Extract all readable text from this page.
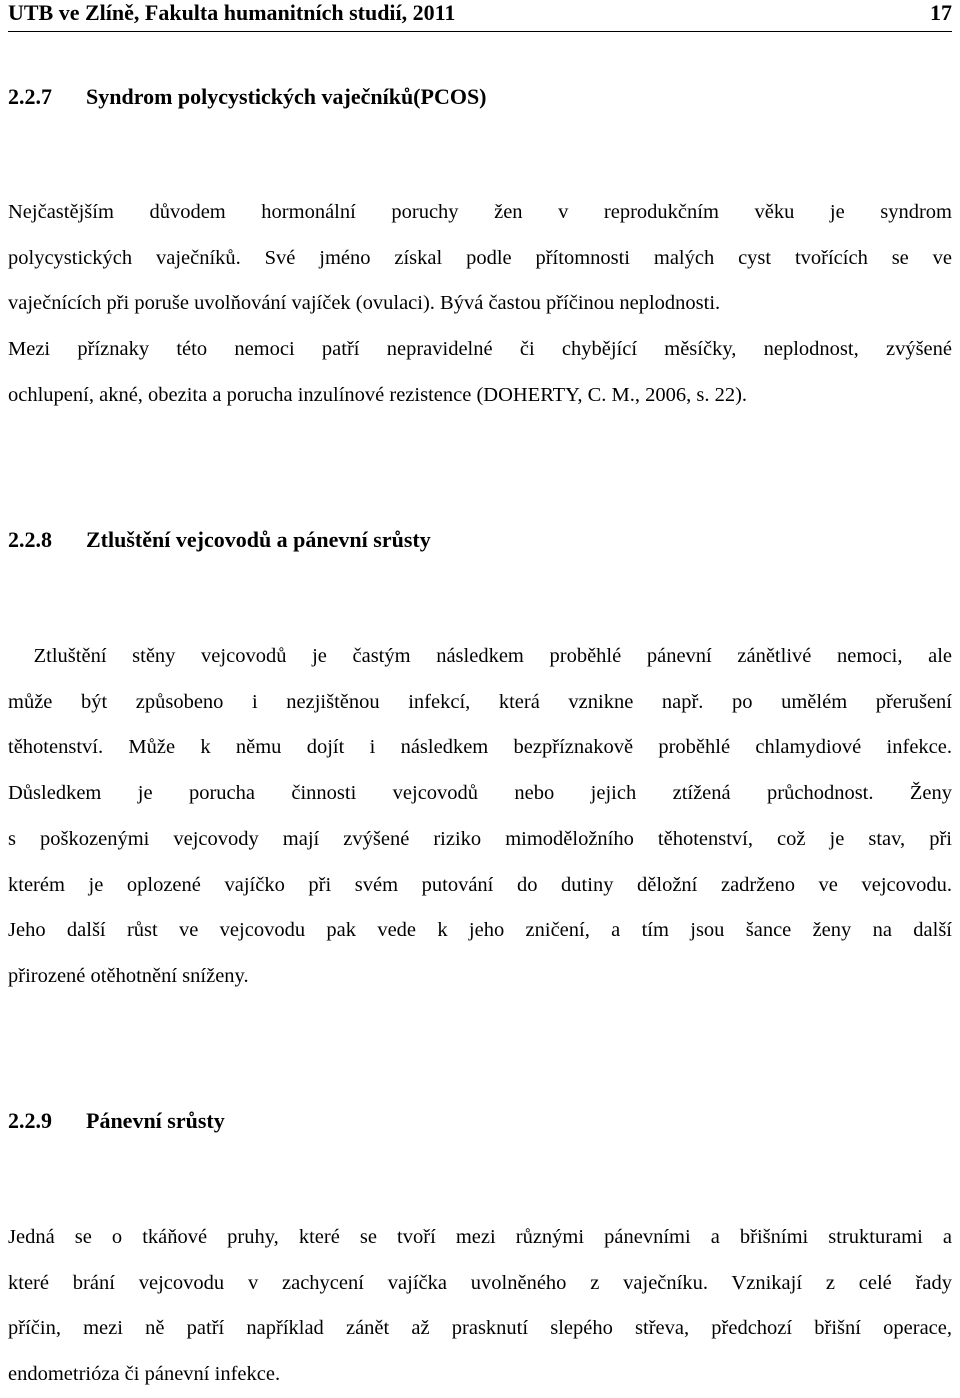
UTB ve Zlíně, Fakulta humanitních studií, 2011	17
2.2.7 Syndrom polycystických vaječníků(PCOS)
Nejčastějším důvodem hormonální poruchy žen v reprodukčním věku je syndrom
polycystických vaječníků. Své jméno získal podle přítomnosti malých cyst tvořících se ve
vaječnících při poruše uvolňování vajíček (ovulaci). Bývá častou příčinou neplodnosti.
Mezi příznaky této nemoci patří nepravidelné či chybějící měsíčky, neplodnost, zvýšené
ochlupení, akné, obezita a porucha inzulínové rezistence (DOHERTY, C. M., 2006, s. 22).
2.2.8 Ztluštění vejcovodů a pánevní srůsty
Ztluštění stěny vejcovodů je častým následkem proběhlé pánevní zánětlivé nemoci, ale
může být způsobeno i nezjištěnou infekcí, která vznikne např. po umělém přerušení
těhotenství. Může k němu dojít i následkem bezpříznakově proběhlé chlamydiové infekce.
Důsledkem je porucha činnosti vejcovodů nebo jejich ztížená průchodnost. Ženy
s poškozenými vejcovody mají zvýšené riziko mimoděložního těhotenství, což je stav, při
kterém je oplozené vajíčko při svém putování do dutiny děložní zadrženo ve vejcovodu.
Jeho další růst ve vejcovodu pak vede k jeho zničení, a tím jsou šance ženy na další
přirozené otěhotnění sníženy.
2.2.9 Pánevní srůsty
Jedná se o tkáňové pruhy, které se tvoří mezi různými pánevními a břišními strukturami a
které brání vejcovodu v zachycení vajíčka uvolněného z vaječníku. Vznikají z celé řady
příčin, mezi ně patří například zánět až prasknutí slepého střeva, předchozí břišní operace,
endometrióza či pánevní infekce.
